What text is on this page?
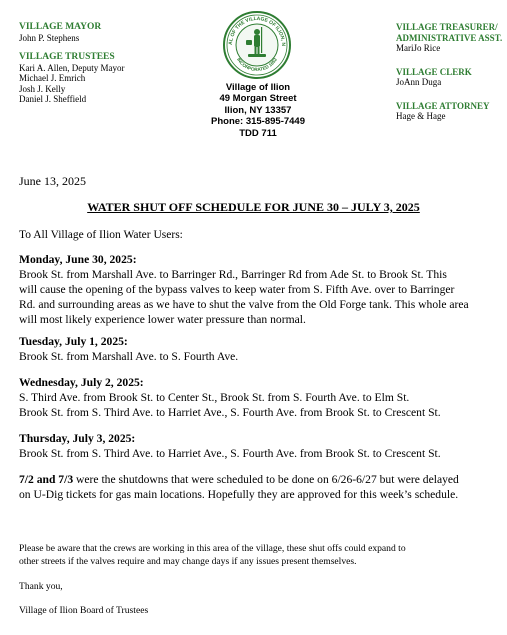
VILLAGE MAYOR
John P. Stephens
VILLAGE TRUSTEES
Kari A. Allen, Deputy Mayor
Michael J. Emrich
Josh J. Kelly
Daniel J. Sheffield
AL OF THE VILLAGE OF ILION, N
INCORPORATED 1852
Village of Ilion
49 Morgan Street
Ilion, NY 13357
Phone: 315-895-7449
TDD 711
VILLAGE TREASURER/
ADMINISTRATIVE ASST.
MariJo Rice
VILLAGE CLERK
JoAnn Duga
VILLAGE ATTORNEY
Hage & Hage
June 13, 2025
WATER SHUT OFF SCHEDULE FOR JUNE 30 – JULY 3, 2025
To All Village of Ilion Water Users:
Monday, June 30, 2025:
Brook St. from Marshall Ave. to Barringer Rd., Barringer Rd from Ade St. to Brook St. This
will cause the opening of the bypass valves to keep water from S. Fifth Ave. over to Barringer
Rd. and surrounding areas as we have to shut the valve from the Old Forge tank. This whole area
will most likely experience lower water pressure than normal.
Tuesday, July 1, 2025:
Brook St. from Marshall Ave. to S. Fourth Ave.
Wednesday, July 2, 2025:
S. Third Ave. from Brook St. to Center St., Brook St. from S. Fourth Ave. to Elm St.
Brook St. from S. Third Ave. to Harriet Ave., S. Fourth Ave. from Brook St. to Crescent St.
Thursday, July 3, 2025:
Brook St. from S. Third Ave. to Harriet Ave., S. Fourth Ave. from Brook St. to Crescent St.
7/2 and 7/3 were the shutdowns that were scheduled to be done on 6/26-6/27 but were delayed
on U-Dig tickets for gas main locations. Hopefully they are approved for this week’s schedule.
Please be aware that the crews are working in this area of the village, these shut offs could expand to
other streets if the valves require and may change days if any issues present themselves.
Thank you,
Village of Ilion Board of Trustees
